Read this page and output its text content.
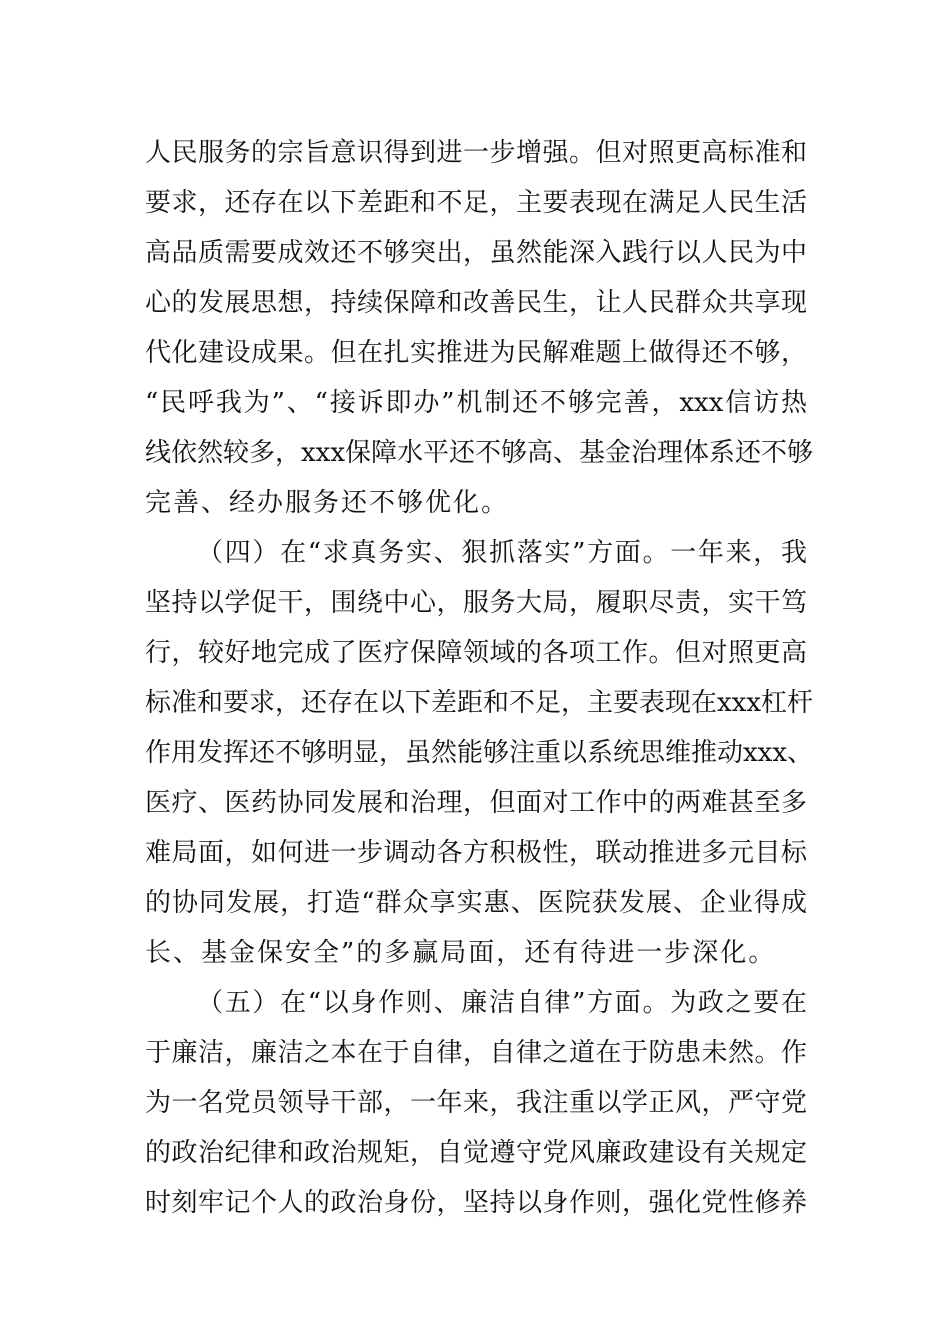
人民服务的宗旨意识得到进一步增强。但对照更高标准和
要求，还存在以下差距和不足，主要表现在满足人民生活
高品质需要成效还不够突出，虽然能深入践行以人民为中
心的发展思想，持续保障和改善民生，让人民群众共享现
代化建设成果。但在扎实推进为民解难题上做得还不够，
“民呼我为”、“接诉即办”机制还不够完善，xxx信访热
线依然较多，xxx保障水平还不够高、基金治理体系还不够
完善、经办服务还不够优化。
（四）在“求真务实、狠抓落实”方面。一年来，我
坚持以学促干，围绕中心，服务大局，履职尽责，实干笃
行，较好地完成了医疗保障领域的各项工作。但对照更高
标准和要求，还存在以下差距和不足，主要表现在xxx杠杆
作用发挥还不够明显，虽然能够注重以系统思维推动xxx、
医疗、医药协同发展和治理，但面对工作中的两难甚至多
难局面，如何进一步调动各方积极性，联动推进多元目标
的协同发展，打造“群众享实惠、医院获发展、企业得成
长、基金保安全”的多赢局面，还有待进一步深化。
（五）在“以身作则、廉洁自律”方面。为政之要在
于廉洁，廉洁之本在于自律，自律之道在于防患未然。作
为一名党员领导干部，一年来，我注重以学正风，严守党
的政治纪律和政治规矩，自觉遵守党风廉政建设有关规定
时刻牢记个人的政治身份，坚持以身作则，强化党性修养
